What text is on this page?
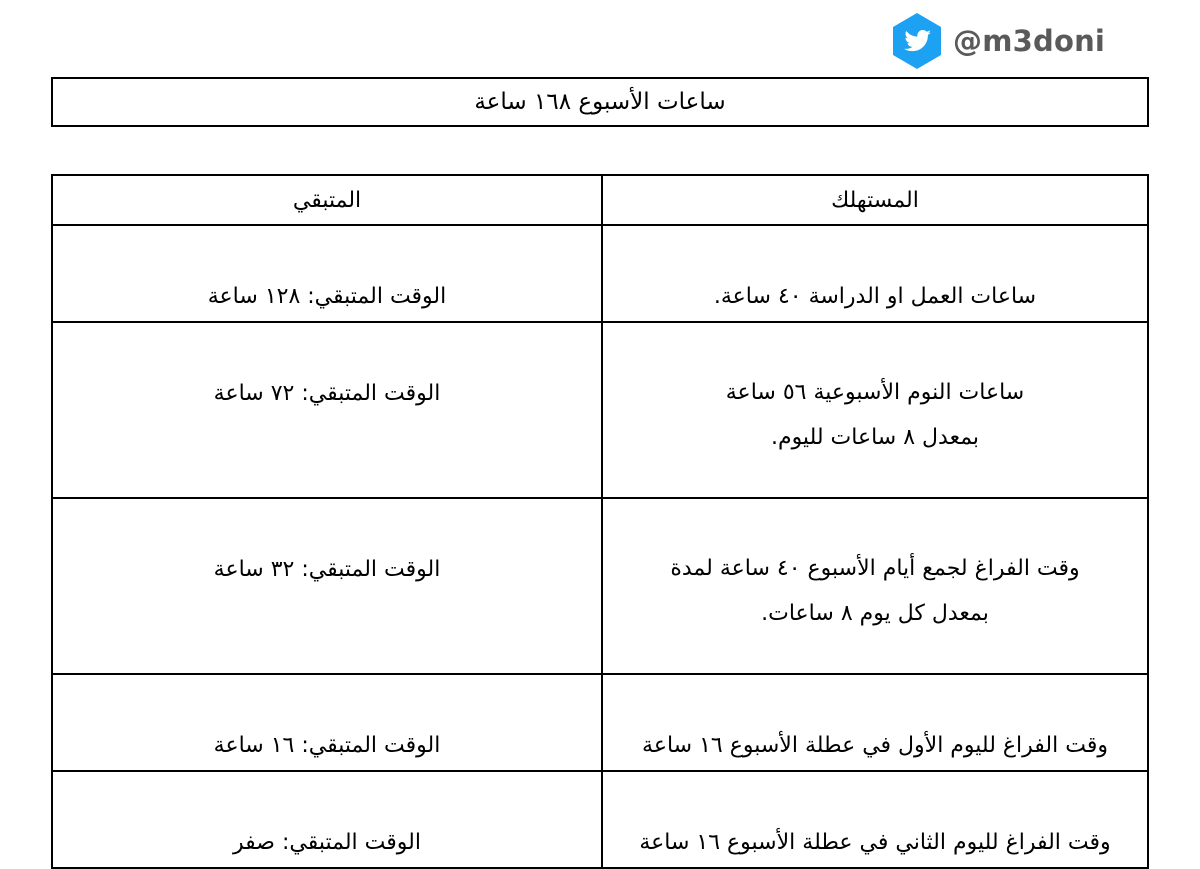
@m3doni
ساعات الأسبوع ١٦٨ ساعة
المستهلك	المتبقي

ساعات العمل او الدراسة ٤٠ ساعة.	الوقت المتبقي: ١٢٨ ساعة

ساعات النوم الأسبوعية ٥٦ ساعة
بمعدل ٨ ساعات لليوم.	الوقت المتبقي: ٧٢ ساعة

وقت الفراغ لجمع أيام الأسبوع ٤٠ ساعة لمدة
بمعدل كل يوم ٨ ساعات.	الوقت المتبقي: ٣٢ ساعة

وقت الفراغ لليوم الأول في عطلة الأسبوع ١٦ ساعة	الوقت المتبقي: ١٦ ساعة

وقت الفراغ لليوم الثاني في عطلة الأسبوع ١٦ ساعة	الوقت المتبقي: صفر
